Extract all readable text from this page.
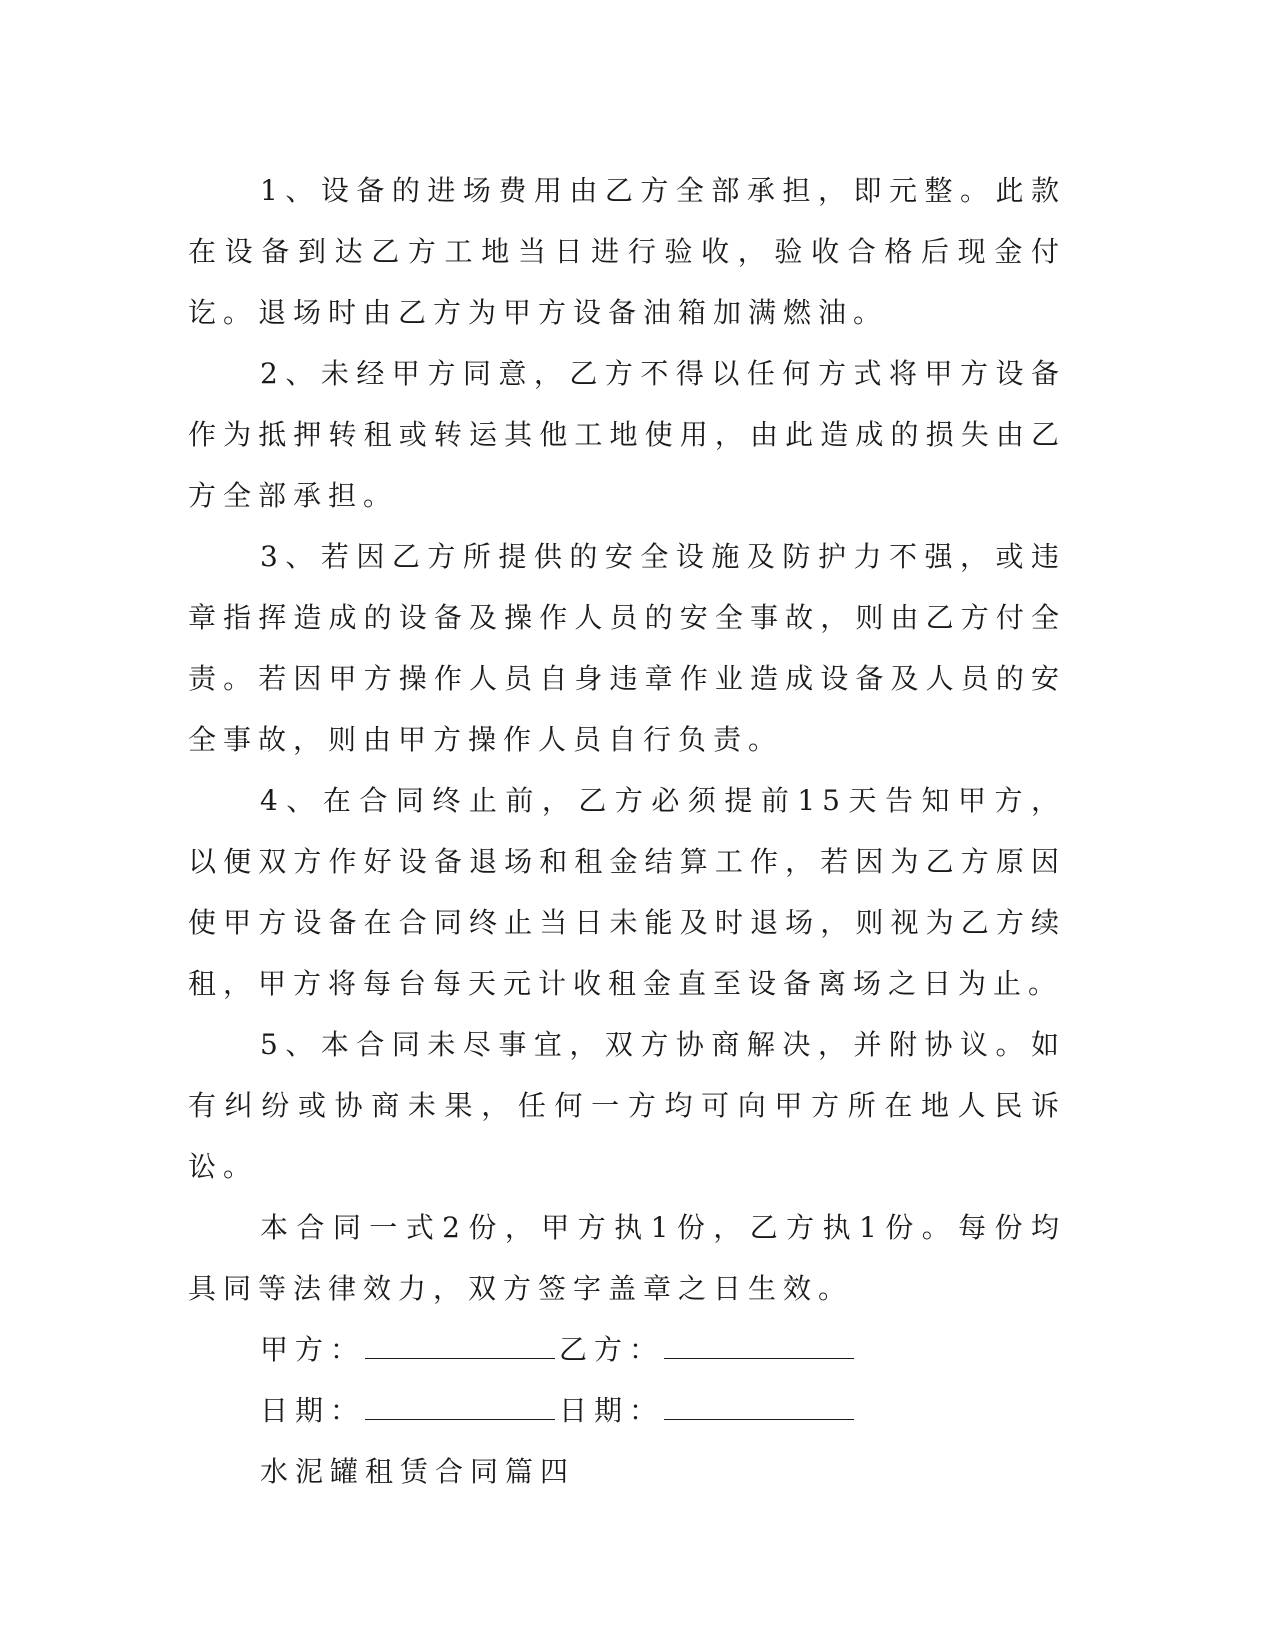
1、设备的进场费用由乙方全部承担，即元整。此款在设备到达乙方工地当日进行验收，验收合格后现金付讫。退场时由乙方为甲方设备油箱加满燃油。

2、未经甲方同意，乙方不得以任何方式将甲方设备作为抵押转租或转运其他工地使用，由此造成的损失由乙方全部承担。

3、若因乙方所提供的安全设施及防护力不强，或违章指挥造成的设备及操作人员的安全事故，则由乙方付全责。若因甲方操作人员自身违章作业造成设备及人员的安全事故，则由甲方操作人员自行负责。

4、在合同终止前，乙方必须提前15天告知甲方，以便双方作好设备退场和租金结算工作，若因为乙方原因使甲方设备在合同终止当日未能及时退场，则视为乙方续租，甲方将每台每天元计收租金直至设备离场之日为止。

5、本合同未尽事宜，双方协商解决，并附协议。如有纠纷或协商未果，任何一方均可向甲方所在地人民诉讼。

本合同一式2份，甲方执1份，乙方执1份。每份均具同等法律效力，双方签字盖章之日生效。

甲方：	乙方：
日期：	日期：
水泥罐租赁合同篇四
